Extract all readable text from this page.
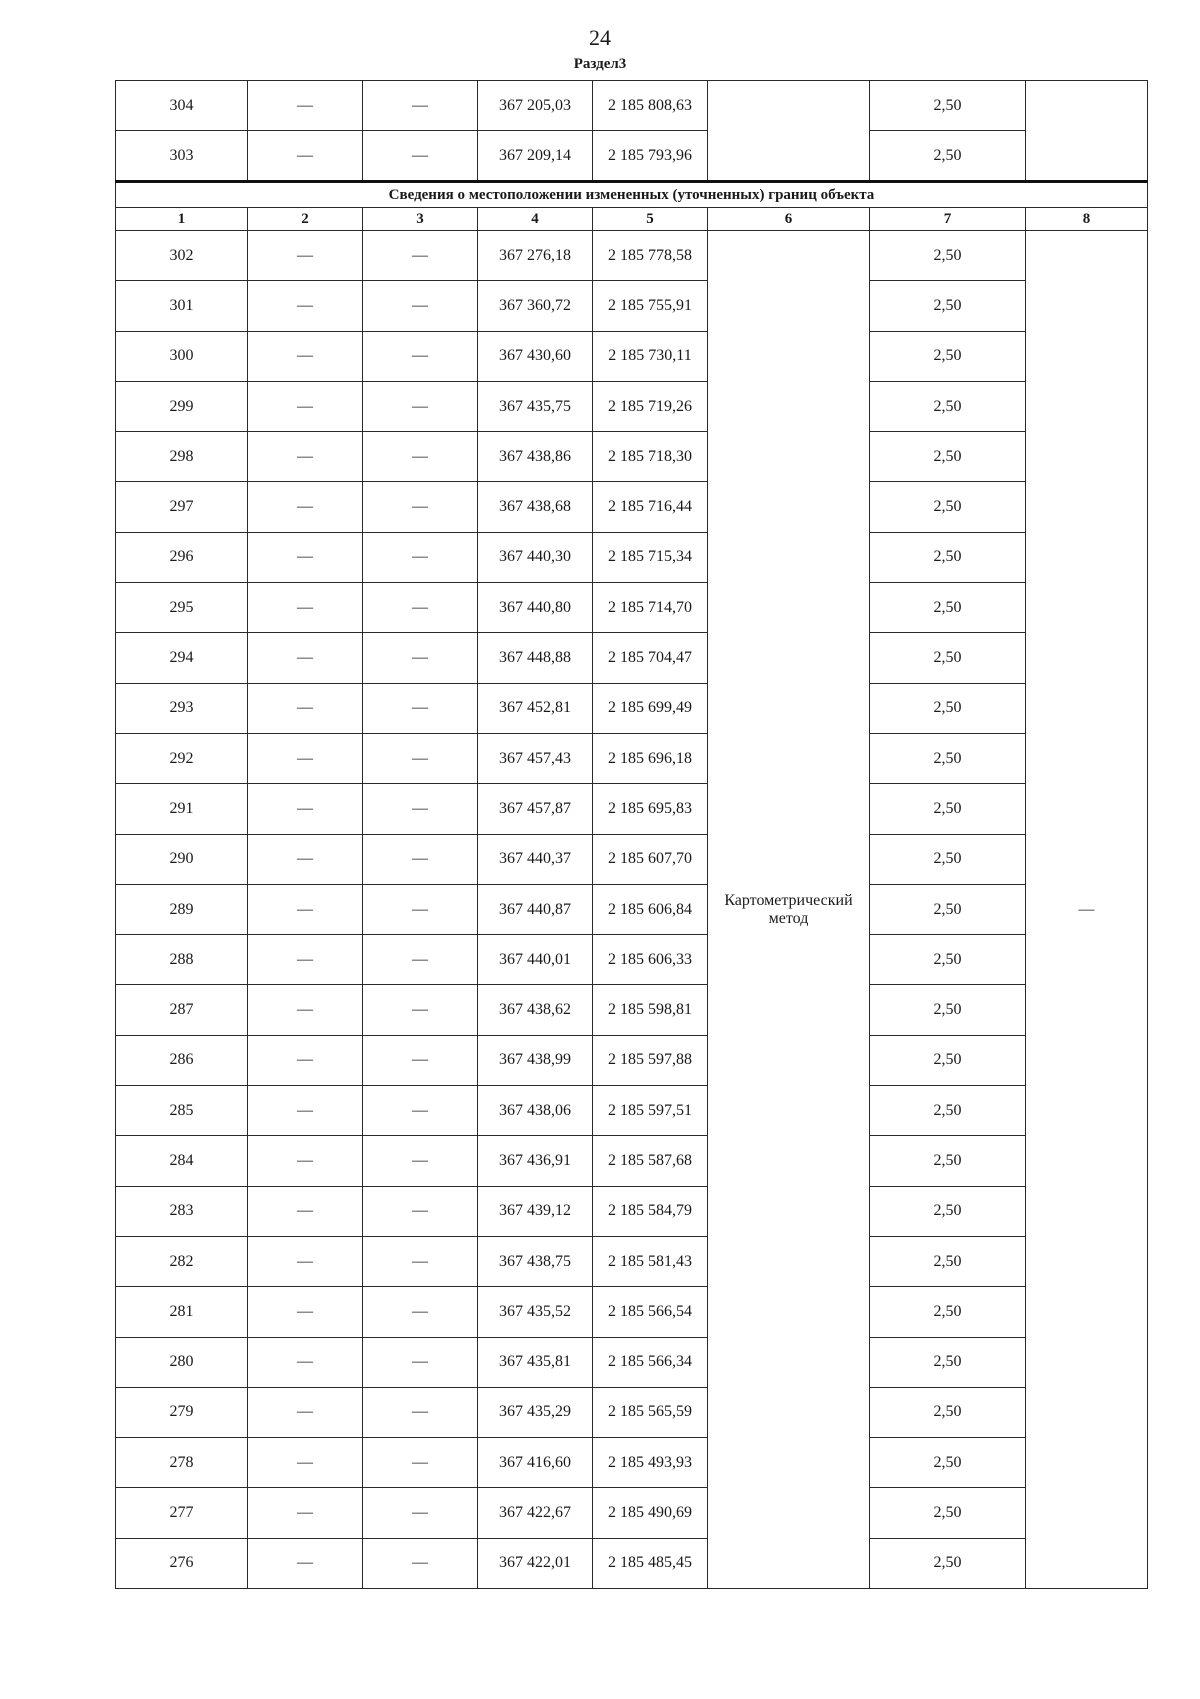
24
Раздел3
304	—	—	367 205,03	2 185 808,63		2,50	
303	—	—	367 209,14	2 185 793,96		2,50	
Сведения о местоположении измененных (уточненных) границ объекта							
1	2	3	4	5	6	7	8
302	—	—	367 276,18	2 185 778,58	Картометрический метод	2,50	—
301	—	—	367 360,72	2 185 755,91		2,50	
300	—	—	367 430,60	2 185 730,11		2,50	
299	—	—	367 435,75	2 185 719,26		2,50	
298	—	—	367 438,86	2 185 718,30		2,50	
297	—	—	367 438,68	2 185 716,44		2,50	
296	—	—	367 440,30	2 185 715,34		2,50	
295	—	—	367 440,80	2 185 714,70		2,50	
294	—	—	367 448,88	2 185 704,47		2,50	
293	—	—	367 452,81	2 185 699,49		2,50	
292	—	—	367 457,43	2 185 696,18		2,50	
291	—	—	367 457,87	2 185 695,83		2,50	
290	—	—	367 440,37	2 185 607,70		2,50	
289	—	—	367 440,87	2 185 606,84		2,50	
288	—	—	367 440,01	2 185 606,33		2,50	
287	—	—	367 438,62	2 185 598,81		2,50	
286	—	—	367 438,99	2 185 597,88		2,50	
285	—	—	367 438,06	2 185 597,51		2,50	
284	—	—	367 436,91	2 185 587,68		2,50	
283	—	—	367 439,12	2 185 584,79		2,50	
282	—	—	367 438,75	2 185 581,43		2,50	
281	—	—	367 435,52	2 185 566,54		2,50	
280	—	—	367 435,81	2 185 566,34		2,50	
279	—	—	367 435,29	2 185 565,59		2,50	
278	—	—	367 416,60	2 185 493,93		2,50	
277	—	—	367 422,67	2 185 490,69		2,50	
276	—	—	367 422,01	2 185 485,45		2,50	
